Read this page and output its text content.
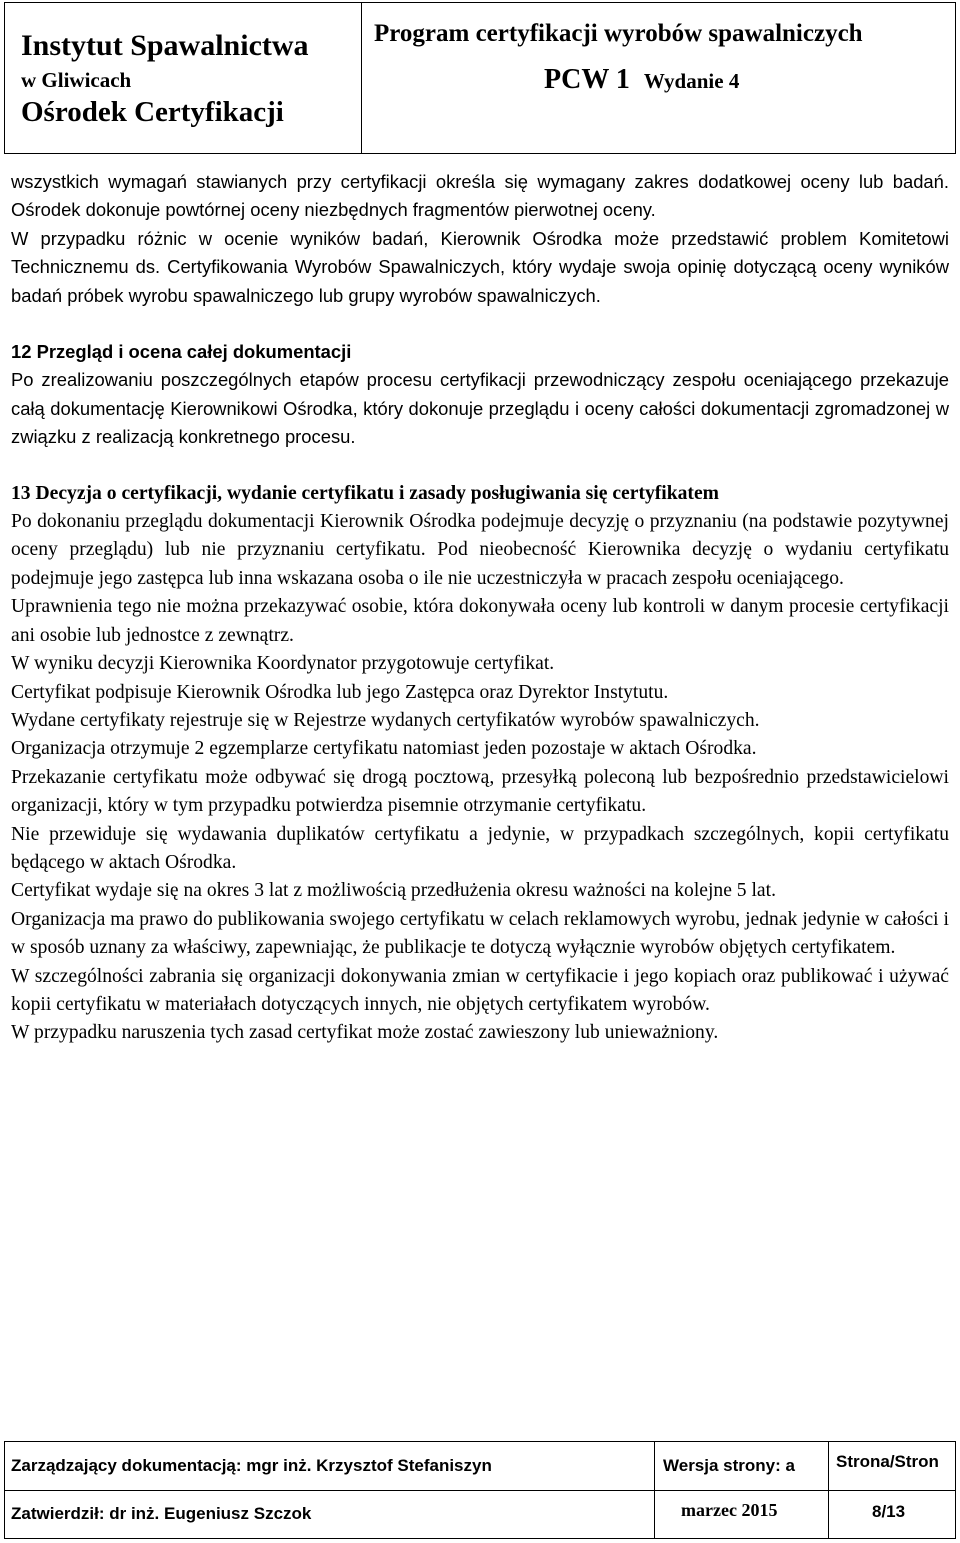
Instytut Spawalnictwa
w Gliwicach
Ośrodek Certyfikacji
Program certyfikacji wyrobów spawalniczych
PCW 1 Wydanie 4

wszystkich wymagań stawianych przy certyfikacji określa się wymagany zakres dodatkowej oceny lub badań. Ośrodek dokonuje powtórnej oceny niezbędnych fragmentów pierwotnej oceny.

W przypadku różnic w ocenie wyników badań, Kierownik Ośrodka może przedstawić problem Komitetowi Technicznemu ds. Certyfikowania Wyrobów Spawalniczych, który wydaje swoja opinię dotyczącą oceny wyników badań próbek wyrobu spawalniczego lub grupy wyrobów spawalniczych.

12 Przegląd i ocena całej dokumentacji

Po zrealizowaniu poszczególnych etapów procesu certyfikacji przewodniczący zespołu oceniającego przekazuje całą dokumentację Kierownikowi Ośrodka, który dokonuje przeglądu i oceny całości dokumentacji zgromadzonej w związku z realizacją konkretnego procesu.

13 Decyzja o certyfikacji, wydanie certyfikatu i zasady posługiwania się certyfikatem

Po dokonaniu przeglądu dokumentacji Kierownik Ośrodka podejmuje decyzję o przyznaniu (na podstawie pozytywnej oceny przeglądu) lub nie przyznaniu certyfikatu. Pod nieobecność Kierownika decyzję o wydaniu certyfikatu podejmuje jego zastępca lub inna wskazana osoba o ile nie uczestniczyła w pracach zespołu oceniającego.

Uprawnienia tego nie można przekazywać osobie, która dokonywała oceny lub kontroli w danym procesie certyfikacji ani osobie lub jednostce z zewnątrz.

W wyniku decyzji Kierownika Koordynator przygotowuje certyfikat.

Certyfikat podpisuje Kierownik Ośrodka lub jego Zastępca oraz Dyrektor Instytutu.

Wydane certyfikaty rejestruje się w Rejestrze wydanych certyfikatów wyrobów spawalniczych.

Organizacja otrzymuje 2 egzemplarze certyfikatu natomiast jeden pozostaje w aktach Ośrodka.

Przekazanie certyfikatu może odbywać się drogą pocztową, przesyłką poleconą lub bezpośrednio przedstawicielowi organizacji, który w tym przypadku potwierdza pisemnie otrzymanie certyfikatu.

Nie przewiduje się wydawania duplikatów certyfikatu a jedynie, w przypadkach szczególnych, kopii certyfikatu będącego w aktach Ośrodka.

Certyfikat wydaje się na okres 3 lat z możliwością przedłużenia okresu ważności na kolejne 5 lat.

Organizacja ma prawo do publikowania swojego certyfikatu w celach reklamowych wyrobu, jednak jedynie w całości i w sposób uznany za właściwy, zapewniając, że publikacje te dotyczą wyłącznie wyrobów objętych certyfikatem.

W szczególności zabrania się organizacji dokonywania zmian w certyfikacie i jego kopiach oraz publikować i używać kopii certyfikatu w materiałach dotyczących innych, nie objętych certyfikatem wyrobów.

W przypadku naruszenia tych zasad certyfikat może zostać zawieszony lub unieważniony.

Zarządzający dokumentacją: mgr inż. Krzysztof Stefaniszyn
Zatwierdził: dr inż. Eugeniusz Szczok
Wersja strony: a
marzec 2015
Strona/Stron
8/13
